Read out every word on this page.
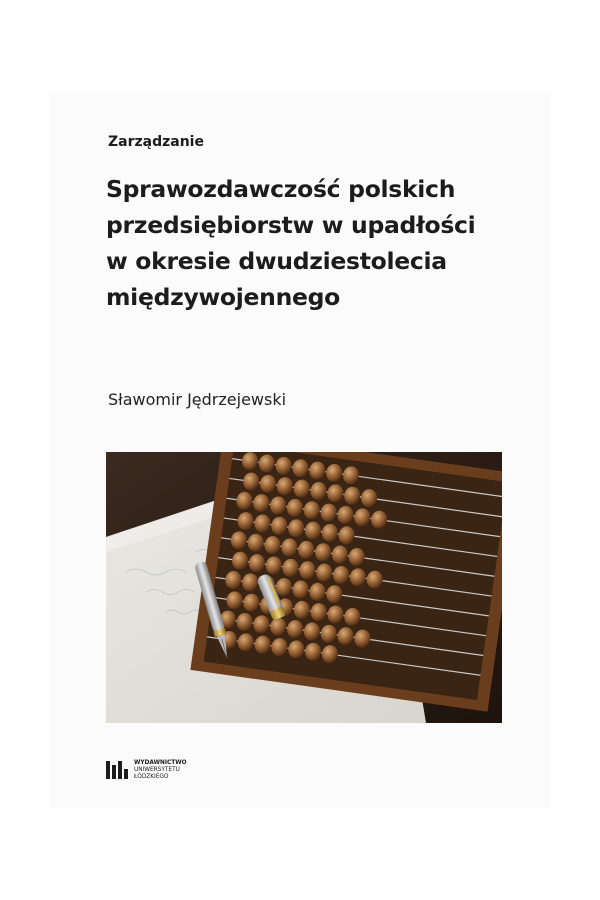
Zarządzanie

Sprawozdawczość polskich
przedsiębiorstw w upadłości
w okresie dwudziestolecia
międzywojennego

Sławomir Jędrzejewski

WYDAWNICTWO
UNIWERSYTETU
ŁÓDZKIEGO
